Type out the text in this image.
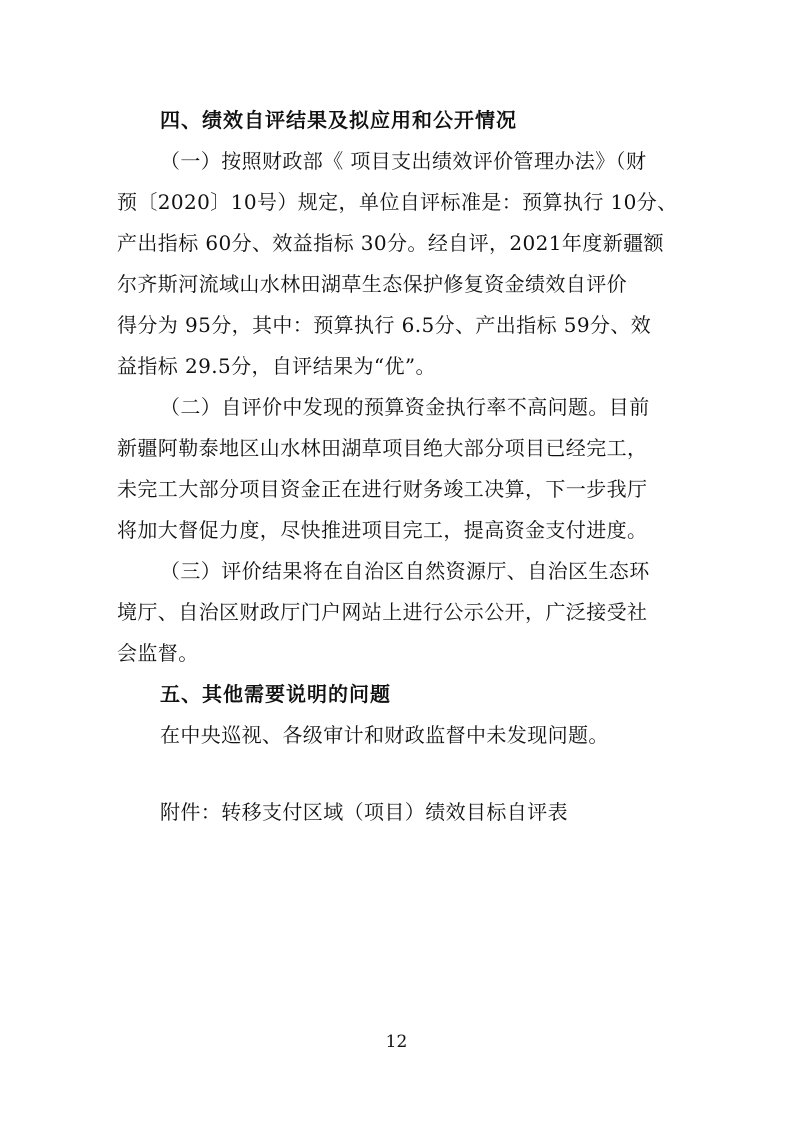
四、绩效自评结果及拟应用和公开情况
（一）按照财政部《 项目支出绩效评价管理办法》（财
预〔2020〕10号）规定，单位自评标准是：预算执行 10分、
产出指标 60分、效益指标 30分。经自评，2021年度新疆额
尔齐斯河流域山水林田湖草生态保护修复资金绩效自评价
得分为 95分，其中：预算执行 6.5分、产出指标 59分、效
益指标 29.5分，自评结果为“优”。
（二）自评价中发现的预算资金执行率不高问题。目前
新疆阿勒泰地区山水林田湖草项目绝大部分项目已经完工，
未完工大部分项目资金正在进行财务竣工决算，下一步我厅
将加大督促力度，尽快推进项目完工，提高资金支付进度。
（三）评价结果将在自治区自然资源厅、自治区生态环
境厅、自治区财政厅门户网站上进行公示公开，广泛接受社
会监督。
五、其他需要说明的问题
在中央巡视、各级审计和财政监督中未发现问题。
附件：转移支付区域（项目）绩效目标自评表
12
